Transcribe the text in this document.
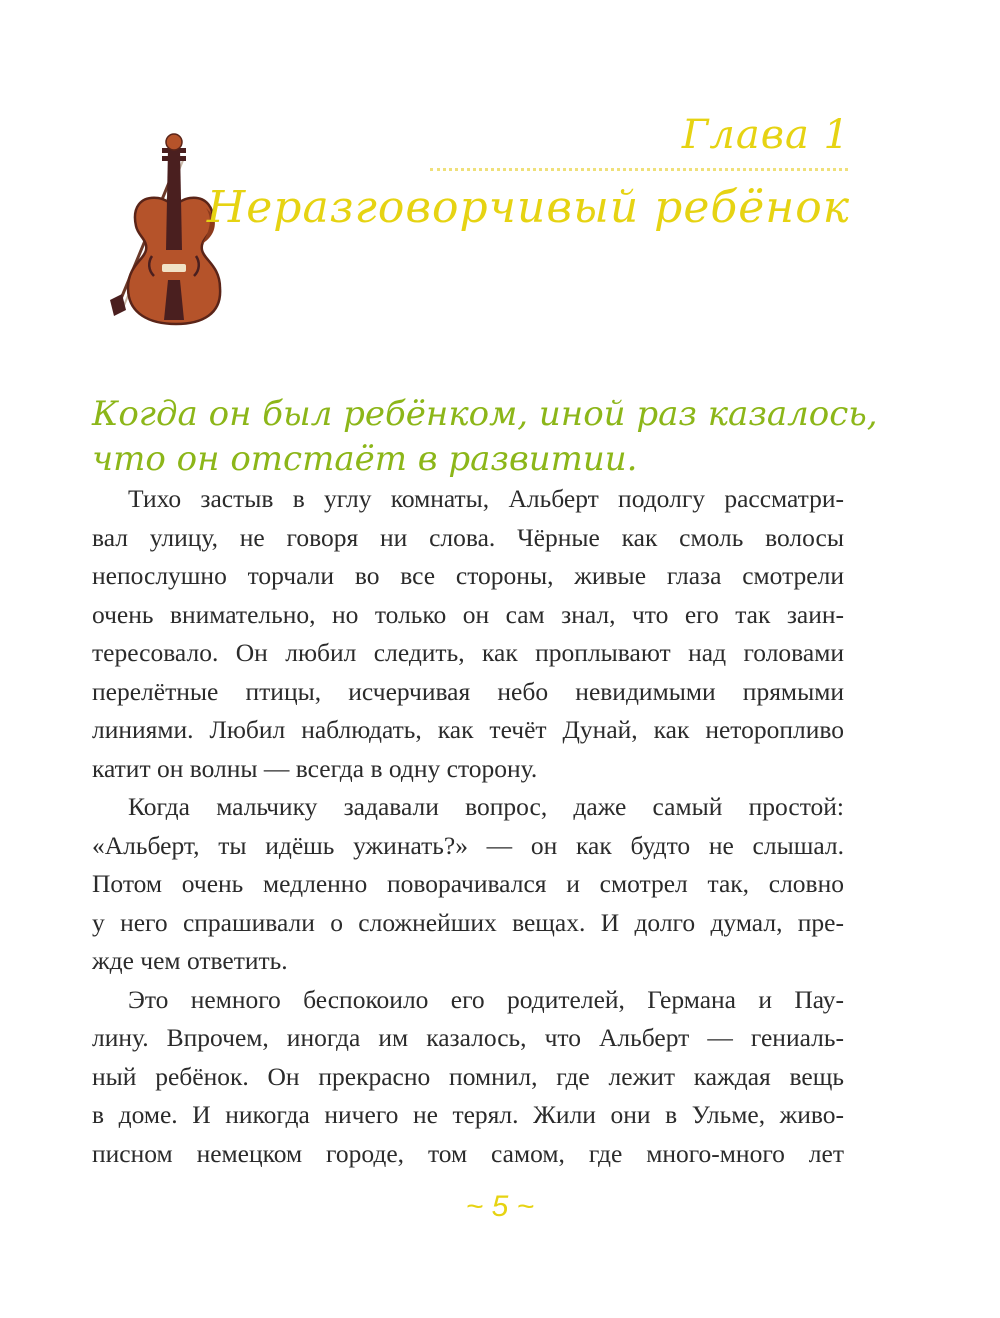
Глава 1
Неразговорчивый ребёнок
Когда он был ребёнком, иной раз казалось,
что он отстаёт в развитии.
Тихо застыв в углу комнаты, Альберт подолгу рассматри-
вал улицу, не говоря ни слова. Чёрные как смоль волосы
непослушно торчали во все стороны, живые глаза смотрели
очень внимательно, но только он сам знал, что его так заин-
тересовало. Он любил следить, как проплывают над головами
перелётные птицы, исчерчивая небо невидимыми прямыми
линиями. Любил наблюдать, как течёт Дунай, как неторопливо
катит он волны — всегда в одну сторону.
Когда мальчику задавали вопрос, даже самый простой:
«Альберт, ты идёшь ужинать?» — он как будто не слышал.
Потом очень медленно поворачивался и смотрел так, словно
у него спрашивали о сложнейших вещах. И долго думал, пре-
жде чем ответить.
Это немного беспокоило его родителей, Германа и Пау-
лину. Впрочем, иногда им казалось, что Альберт — гениаль-
ный ребёнок. Он прекрасно помнил, где лежит каждая вещь
в доме. И никогда ничего не терял. Жили они в Ульме, живо-
писном немецком городе, том самом, где много-много лет
~ 5 ~
